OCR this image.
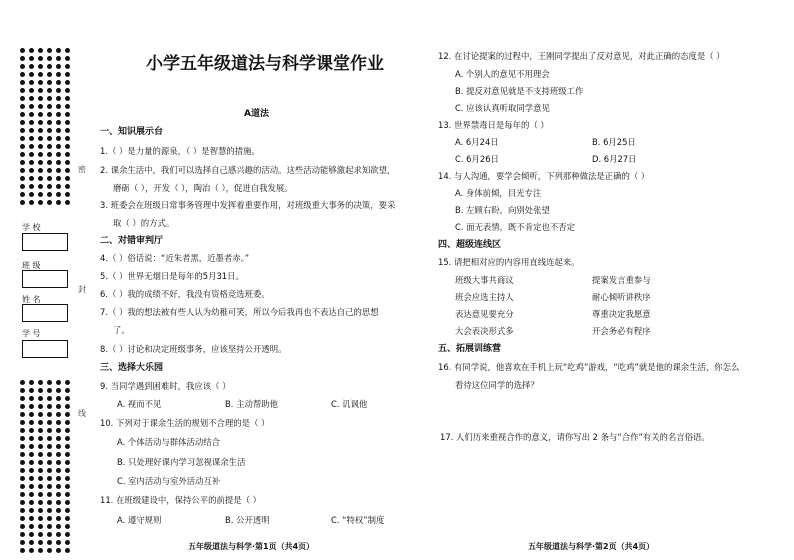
学 校
班 级
姓 名
学 号
密
封
线
小学五年级道法与科学课堂作业
A道法
一、知识展示台
1.（ ）是力量的源泉，（ ）是智慧的措施。
2. 课余生活中，我们可以选择自己感兴趣的活动。这些活动能够激起求知欲望，
磨砺（ ），开发（ ），陶冶（ ），促进自我发展。
3. 班委会在班级日常事务管理中发挥着重要作用，对班级重大事务的决策，要采
取（ ）的方式。
二、对错审判厅
4.（ ）俗话说：“近朱者黑，近墨者赤。”
5.（ ）世界无烟日是每年的5月31日。
6.（ ）我的成绩不好，我没有资格竞选班委。
7.（ ）我的想法被有些人认为幼稚可笑，所以今后我再也不表达自己的思想
了。
8.（ ）讨论和决定班级事务，应该坚持公开透明。
三、选择大乐园
9. 当同学遇到困难时，我应该（ ）
A. 视而不见	B. 主动帮助他	C. 讥讽他
10. 下列对于课余生活的规划不合理的是（ ）
A. 个体活动与群体活动结合
B. 只处理好课内学习忽视课余生活
C. 室内活动与室外活动互补
11. 在班级建设中，保持公平的前提是（ ）
A. 遵守规则	B. 公开透明	C. “特权”制度
五年级道法与科学·第1页（共4页）
12. 在讨论提案的过程中，王刚同学提出了反对意见，对此正确的态度是（ ）
A. 个别人的意见不用理会
B. 提反对意见就是不支持班级工作
C. 应该认真听取同学意见
13. 世界禁毒日是每年的（ ）
A. 6月24日	B. 6月25日
C. 6月26日	D. 6月27日
14. 与人沟通，要学会倾听，下列那种做法是正确的（ ）
A. 身体前倾，目光专注
B. 左顾右盼，向别处张望
C. 面无表情，既不肯定也不否定
四、超级连线区
15. 请把相对应的内容用直线连起来。
班级大事共商议	提案发言重参与
班会应选主持人	耐心倾听讲秩序
表达意见要充分	尊重决定我愿意
大会表决形式多	开会务必有程序
五、拓展训练营
16. 有同学说，他喜欢在手机上玩“吃鸡”游戏，“吃鸡”就是他的课余生活，你怎么
看待这位同学的选择？
17. 人们历来重视合作的意义，请你写出 2 条与“合作”有关的名言俗语。
五年级道法与科学·第2页（共4页）
